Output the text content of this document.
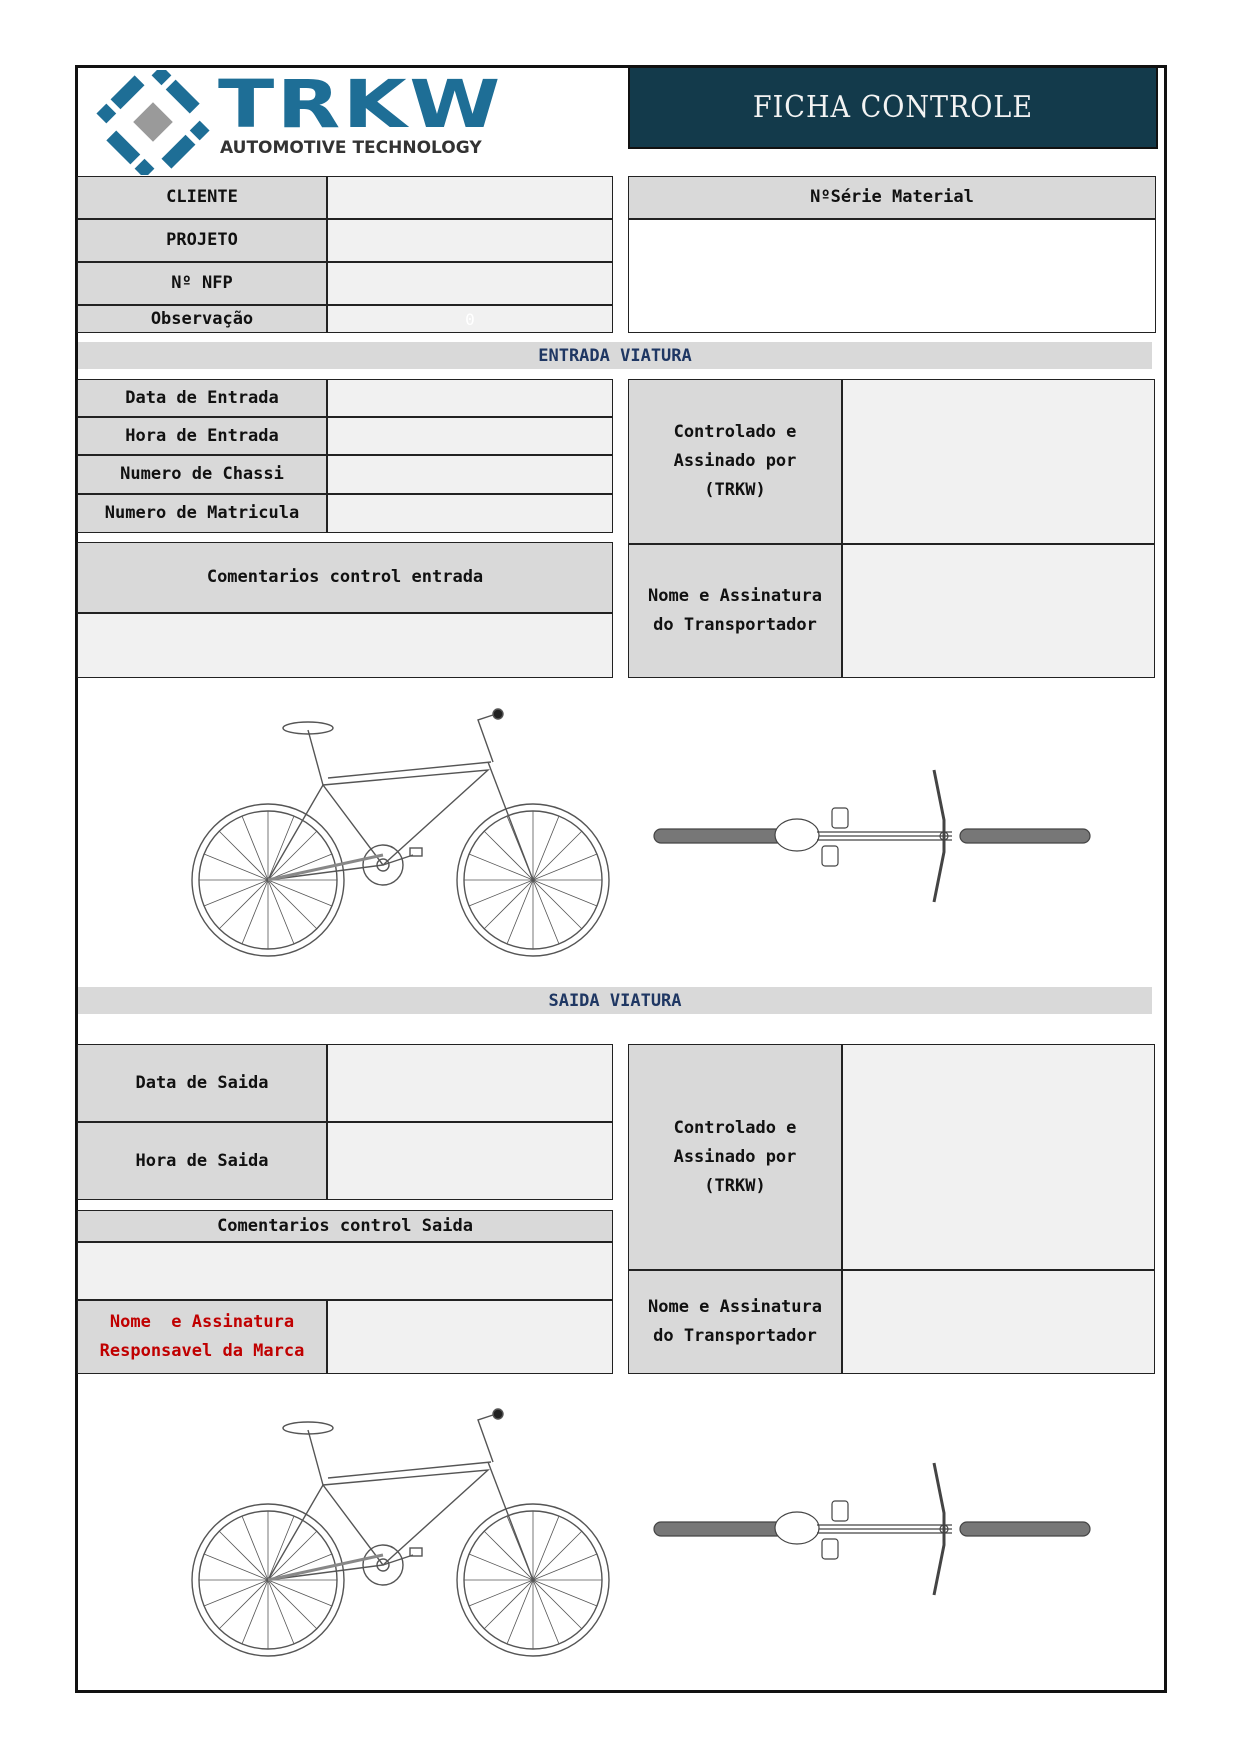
TRKW
AUTOMOTIVE TECHNOLOGY
FICHA CONTROLE
CLIENTE
PROJETO
Nº NFP
Observação	0
NºSérie Material
ENTRADA VIATURA
Data de Entrada
Hora de Entrada
Numero de Chassi
Numero de Matricula
Comentarios control entrada
Controlado e
Assinado por
(TRKW)
Nome e Assinatura
do Transportador
SAIDA VIATURA
Data de Saida
Hora de Saida
Comentarios control Saida
Nome  e Assinatura
Responsavel da Marca
Controlado e
Assinado por
(TRKW)
Nome e Assinatura
do Transportador
